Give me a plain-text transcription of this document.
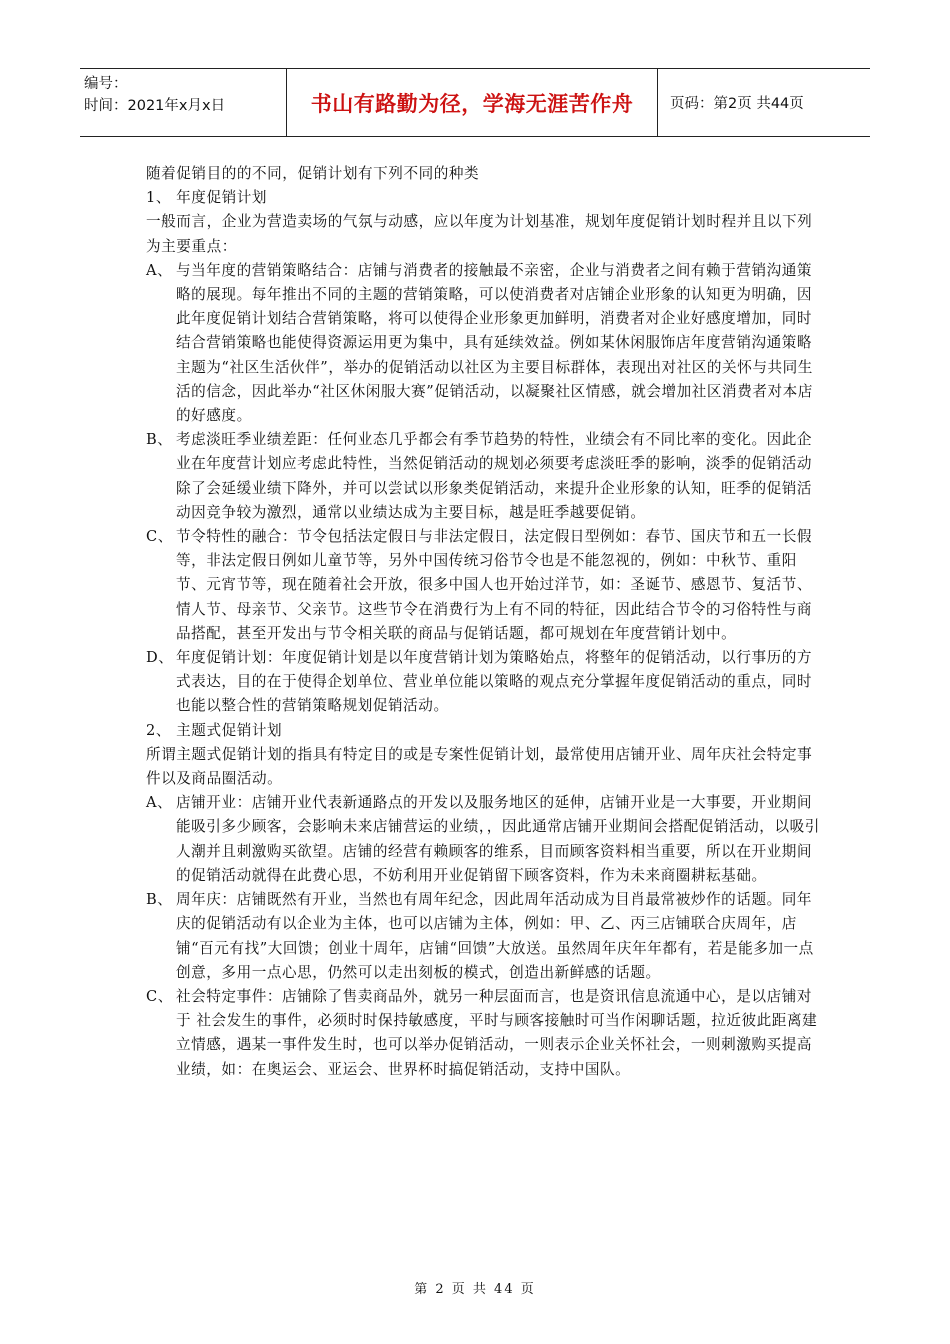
编号：
时间：2021年x月x日	书山有路勤为径，学海无涯苦作舟	页码：第2页 共44页

随着促销目的的不同，促销计划有下列不同的种类

1、 年度促销计划

一般而言，企业为营造卖场的气氛与动感，应以年度为计划基准，规划年度促销计划时程并且以下列为主要重点：

A、 与当年度的营销策略结合：店铺与消费者的接触最不亲密，企业与消费者之间有赖于营销沟通策略的展现。每年推出不同的主题的营销策略，可以使消费者对店铺企业形象的认知更为明确，因此年度促销计划结合营销策略，将可以使得企业形象更加鲜明，消费者对企业好感度增加，同时结合营销策略也能使得资源运用更为集中，具有延续效益。例如某休闲服饰店年度营销沟通策略主题为“社区生活伙伴”，举办的促销活动以社区为主要目标群体，表现出对社区的关怀与共同生活的信念，因此举办“社区休闲服大赛”促销活动，以凝聚社区情感，就会增加社区消费者对本店的好感度。
B、 考虑淡旺季业绩差距：任何业态几乎都会有季节趋势的特性，业绩会有不同比率的变化。因此企业在年度营计划应考虑此特性，当然促销活动的规划必须要考虑淡旺季的影响，淡季的促销活动除了会延缓业绩下降外，并可以尝试以形象类促销活动，来提升企业形象的认知，旺季的促销活动因竞争较为激烈，通常以业绩达成为主要目标，越是旺季越要促销。
C、 节令特性的融合：节令包括法定假日与非法定假日，法定假日型例如：春节、国庆节和五一长假等，非法定假日例如儿童节等，另外中国传统习俗节令也是不能忽视的，例如：中秋节、重阳节、元宵节等，现在随着社会开放，很多中国人也开始过洋节，如：圣诞节、感恩节、复活节、情人节、母亲节、父亲节。这些节令在消费行为上有不同的特征，因此结合节令的习俗特性与商品搭配，甚至开发出与节令相关联的商品与促销话题，都可规划在年度营销计划中。
D、 年度促销计划：年度促销计划是以年度营销计划为策略始点，将整年的促销活动，以行事历的方式表达，目的在于使得企划单位、营业单位能以策略的观点充分掌握年度促销活动的重点，同时也能以整合性的营销策略规划促销活动。

2、 主题式促销计划

所谓主题式促销计划的指具有特定目的或是专案性促销计划，最常使用店铺开业、周年庆社会特定事件以及商品圈活动。

A、 店铺开业：店铺开业代表新通路点的开发以及服务地区的延伸，店铺开业是一大事要，开业期间能吸引多少顾客，会影响未来店铺营运的业绩，，因此通常店铺开业期间会搭配促销活动，以吸引人潮并且刺激购买欲望。店铺的经营有赖顾客的维系，目而顾客资料相当重要，所以在开业期间的促销活动就得在此费心思，不妨利用开业促销留下顾客资料，作为未来商圈耕耘基础。
B、 周年庆：店铺既然有开业，当然也有周年纪念，因此周年活动成为目肖最常被炒作的话题。同年庆的促销活动有以企业为主体，也可以店铺为主体，例如：甲、乙、丙三店铺联合庆周年，店铺“百元有找”大回馈；创业十周年，店铺“回馈”大放送。虽然周年庆年年都有，若是能多加一点创意，多用一点心思，仍然可以走出刻板的模式，创造出新鲜感的话题。
C、 社会特定事件：店铺除了售卖商品外，就另一种层面而言，也是资讯信息流通中心，是以店铺对于 社会发生的事件，必须时时保持敏感度，平时与顾客接触时可当作闲聊话题，拉近彼此距离建立情感，遇某一事件发生时，也可以举办促销活动，一则表示企业关怀社会，一则刺激购买提高业绩，如：在奥运会、亚运会、世界杯时搞促销活动，支持中国队。
第 2 页 共 44 页
